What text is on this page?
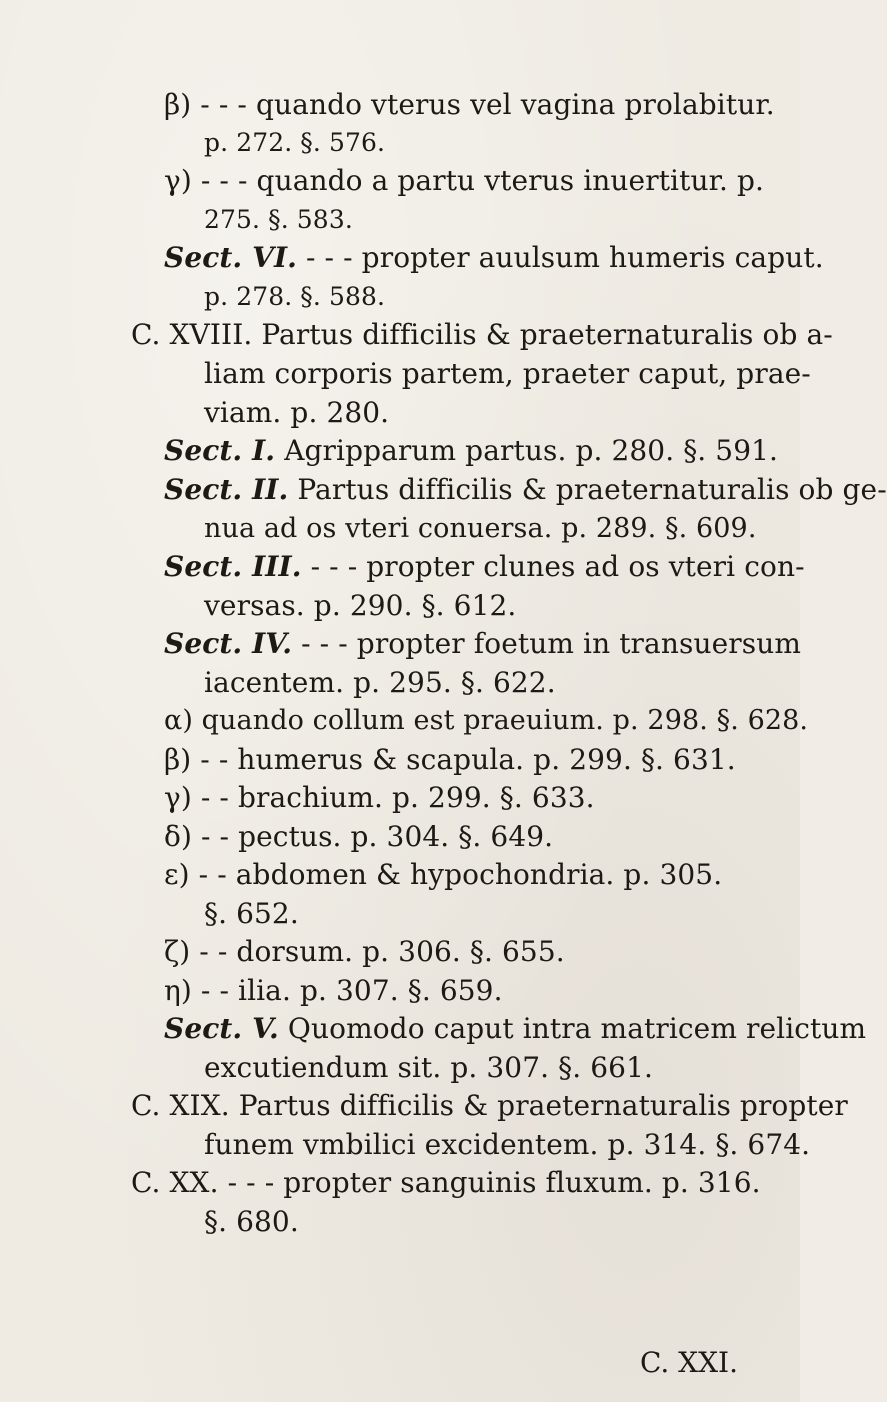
β) - - - quando vterus vel vagina prolabitur.
p. 272. §. 576.
γ) - - - quando a partu vterus inuertitur. p.
275. §. 583.
Sect. VI. - - - propter auulsum humeris caput.
p. 278. §. 588.
C. XVIII. Partus difficilis & praeternaturalis ob a-
liam corporis partem, praeter caput, prae-
viam. p. 280.
Sect. I. Agripparum partus. p. 280. §. 591.
Sect. II. Partus difficilis & praeternaturalis ob ge-
nua ad os vteri conuersa. p. 289. §. 609.
Sect. III. - - - propter clunes ad os vteri con-
versas. p. 290. §. 612.
Sect. IV. - - - propter foetum in transuersum
iacentem. p. 295. §. 622.
α) quando collum est praeuium. p. 298. §. 628.
β) - - humerus & scapula. p. 299. §. 631.
γ) - - brachium. p. 299. §. 633.
δ) - - pectus. p. 304. §. 649.
ε) - - abdomen & hypochondria. p. 305.
§. 652.
ζ) - - dorsum. p. 306. §. 655.
η) - - ilia. p. 307. §. 659.
Sect. V. Quomodo caput intra matricem relictum
excutiendum sit. p. 307. §. 661.
C. XIX. Partus difficilis & praeternaturalis propter
funem vmbilici excidentem. p. 314. §. 674.
C. XX. - - - propter sanguinis fluxum. p. 316.
§. 680.
C. XXI.
